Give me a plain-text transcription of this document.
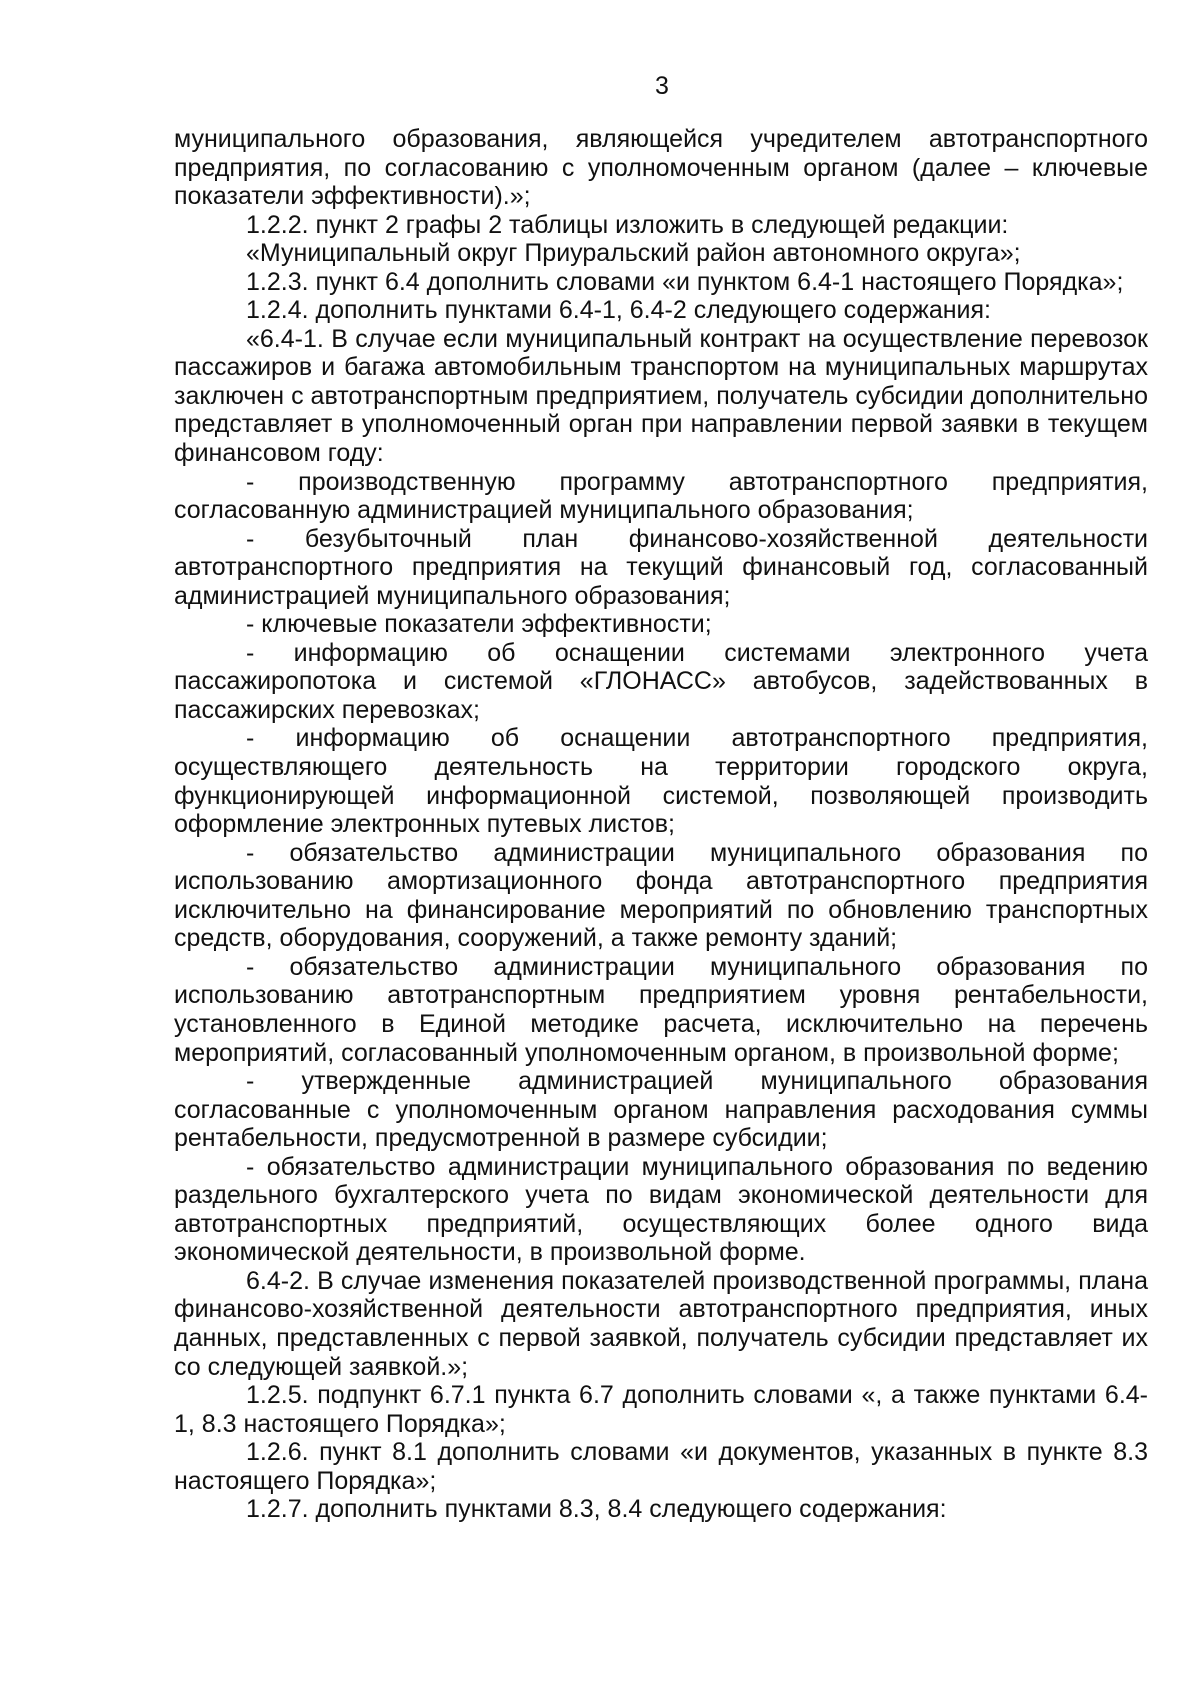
3

муниципального образования, являющейся учредителем автотранспортного предприятия, по согласованию с уполномоченным органом (далее – ключевые показатели эффективности).»;

1.2.2. пункт 2 графы 2 таблицы изложить в следующей редакции:

«Муниципальный округ Приуральский район автономного округа»;

1.2.3. пункт 6.4 дополнить словами «и пунктом 6.4-1 настоящего Порядка»;

1.2.4. дополнить пунктами 6.4-1, 6.4-2 следующего содержания:

«6.4-1. В случае если муниципальный контракт на осуществление перевозок пассажиров и багажа автомобильным транспортом на муниципальных маршрутах заключен с автотранспортным предприятием, получатель субсидии дополнительно представляет в уполномоченный орган при направлении первой заявки в текущем финансовом году:

- производственную программу автотранспортного предприятия, согласованную администрацией муниципального образования;

- безубыточный план финансово-хозяйственной деятельности автотранспортного предприятия на текущий финансовый год, согласованный администрацией муниципального образования;

- ключевые показатели эффективности;

- информацию об оснащении системами электронного учета пассажиропотока и системой «ГЛОНАСС» автобусов, задействованных в пассажирских перевозках;

- информацию об оснащении автотранспортного предприятия, осуществляющего деятельность на территории городского округа, функционирующей информационной системой, позволяющей производить оформление электронных путевых листов;

- обязательство администрации муниципального образования по использованию амортизационного фонда автотранспортного предприятия исключительно на финансирование мероприятий по обновлению транспортных средств, оборудования, сооружений, а также ремонту зданий;

- обязательство администрации муниципального образования по использованию автотранспортным предприятием уровня рентабельности, установленного в Единой методике расчета, исключительно на перечень мероприятий, согласованный уполномоченным органом, в произвольной форме;

- утвержденные администрацией муниципального образования согласованные с уполномоченным органом направления расходования суммы рентабельности, предусмотренной в размере субсидии;

- обязательство администрации муниципального образования по ведению раздельного бухгалтерского учета по видам экономической деятельности для автотранспортных предприятий, осуществляющих более одного вида экономической деятельности, в произвольной форме.

6.4-2. В случае изменения показателей производственной программы, плана финансово-хозяйственной деятельности автотранспортного предприятия, иных данных, представленных с первой заявкой, получатель субсидии представляет их со следующей заявкой.»;

1.2.5. подпункт 6.7.1 пункта 6.7 дополнить словами «, а также пунктами 6.4-1, 8.3 настоящего Порядка»;

1.2.6. пункт 8.1 дополнить словами «и документов, указанных в пункте 8.3 настоящего Порядка»;

1.2.7. дополнить пунктами 8.3, 8.4 следующего содержания:
